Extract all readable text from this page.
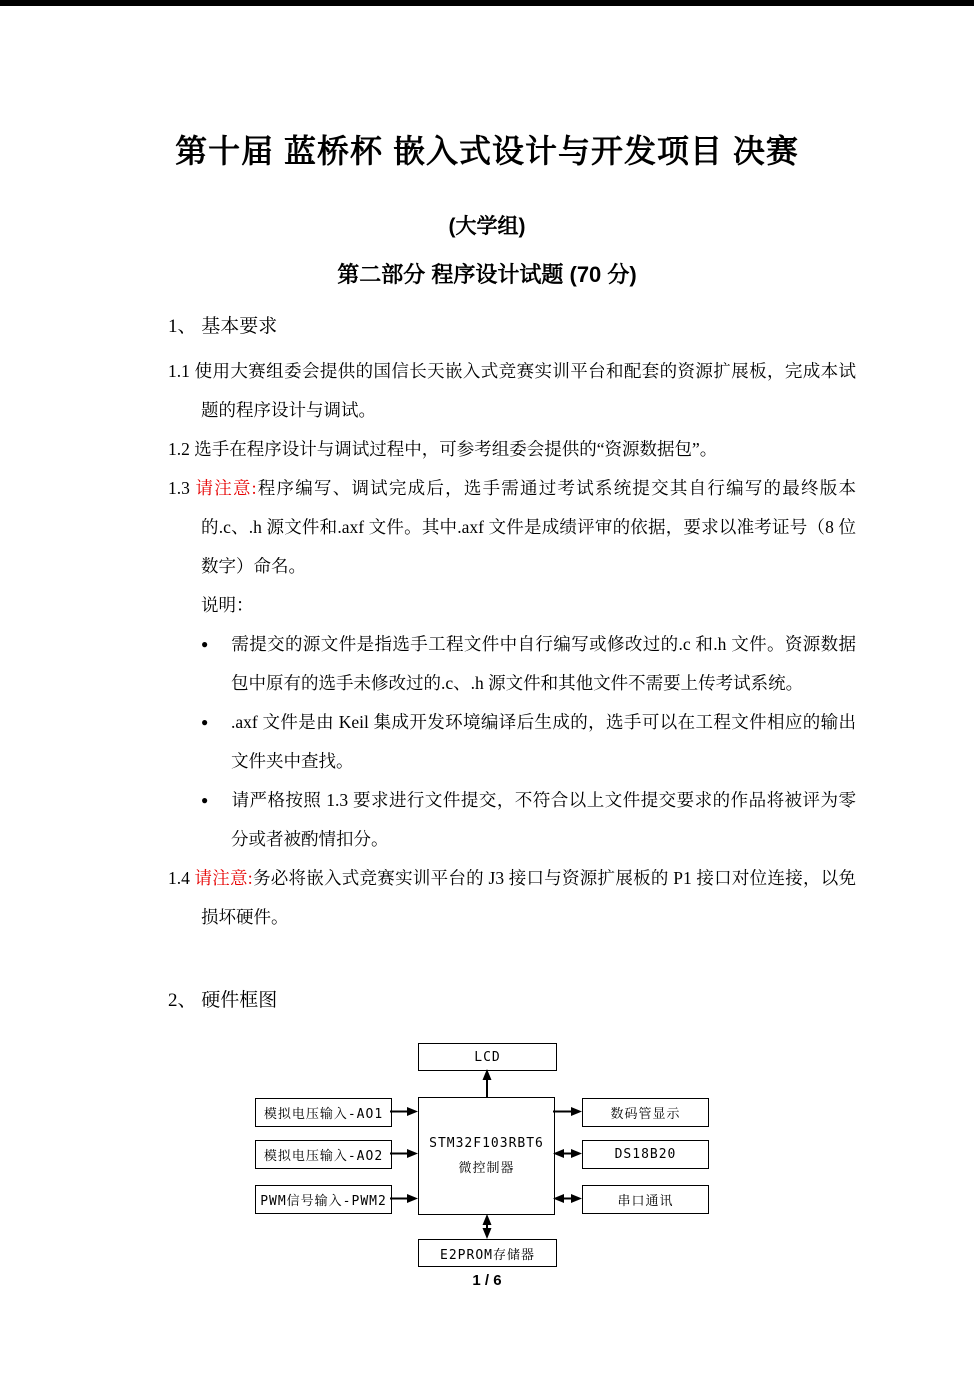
第十届 蓝桥杯 嵌入式设计与开发项目 决赛
(大学组)
第二部分 程序设计试题 (70 分)
1、 基本要求

1.1 使用大赛组委会提供的国信长天嵌入式竞赛实训平台和配套的资源扩展板，完成本试题的程序设计与调试。

1.2 选手在程序设计与调试过程中，可参考组委会提供的“资源数据包”。

1.3 请注意:程序编写、调试完成后，选手需通过考试系统提交其自行编写的最终版本的.c、.h 源文件和.axf 文件。其中.axf 文件是成绩评审的依据，要求以准考证号（8 位数字）命名。

说明：

● 需提交的源文件是指选手工程文件中自行编写或修改过的.c 和.h 文件。资源数据包中原有的选手未修改过的.c、.h 源文件和其他文件不需要上传考试系统。

● .axf 文件是由 Keil 集成开发环境编译后生成的，选手可以在工程文件相应的输出文件夹中查找。

● 请严格按照 1.3 要求进行文件提交，不符合以上文件提交要求的作品将被评为零分或者被酌情扣分。

1.4 请注意:务必将嵌入式竞赛实训平台的 J3 接口与资源扩展板的 P1 接口对位连接，以免损坏硬件。

2、 硬件框图
LCD
STM32F103RBT6
微控制器
模拟电压输入-AO1
模拟电压输入-AO2
PWM信号输入-PWM2
数码管显示
DS18B20
串口通讯
E2PROM存储器
1 / 6
